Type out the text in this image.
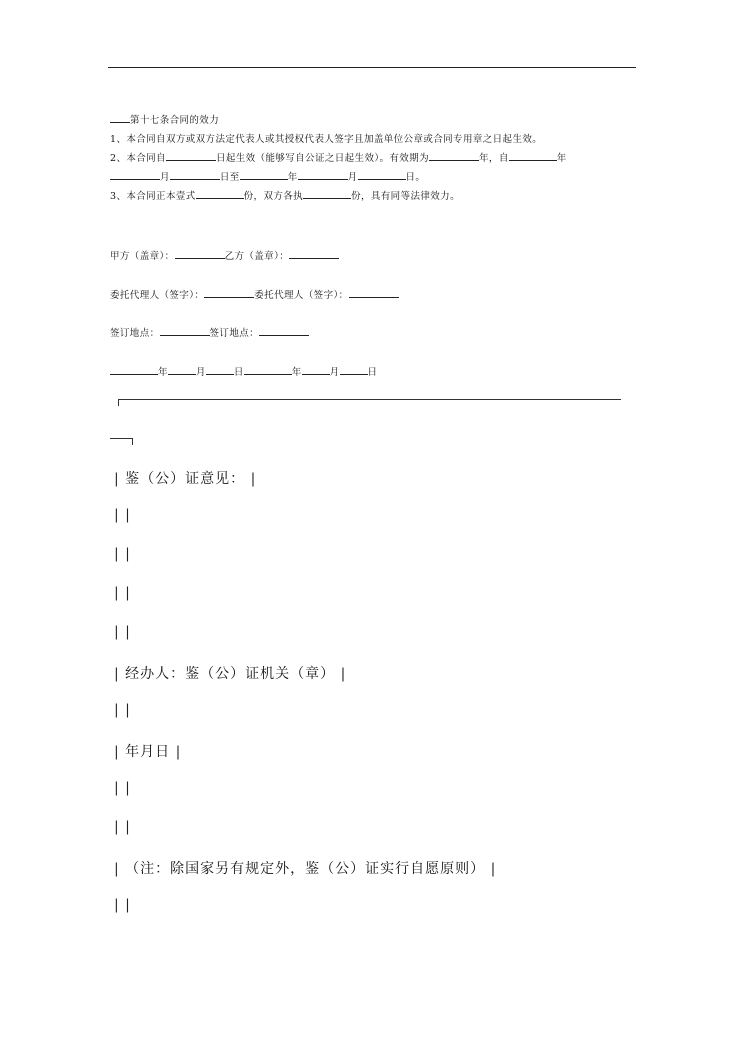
第十七条合同的效力
1、本合同自双方或双方法定代表人或其授权代表人签字且加盖单位公章或合同专用章之日起生效。
2、本合同自	日起生效（能够写自公证之日起生效）。有效期为	年，自	年
月	日至	年	月	日。
3、本合同正本壹式	份，双方各执	份，具有同等法律效力。
甲方（盖章）：	乙方（盖章）：
委托代理人（签字）：	委托代理人（签字）：
签订地点：	签订地点：
年	月	日	年	月	日
| 鉴（公）证意见： |
| |
| |
| |
| |
| 经办人：鉴（公）证机关（章） |
| |
| 年月日 |
| |
| |
| （注：除国家另有规定外，鉴（公）证实行自愿原则） |
| |
